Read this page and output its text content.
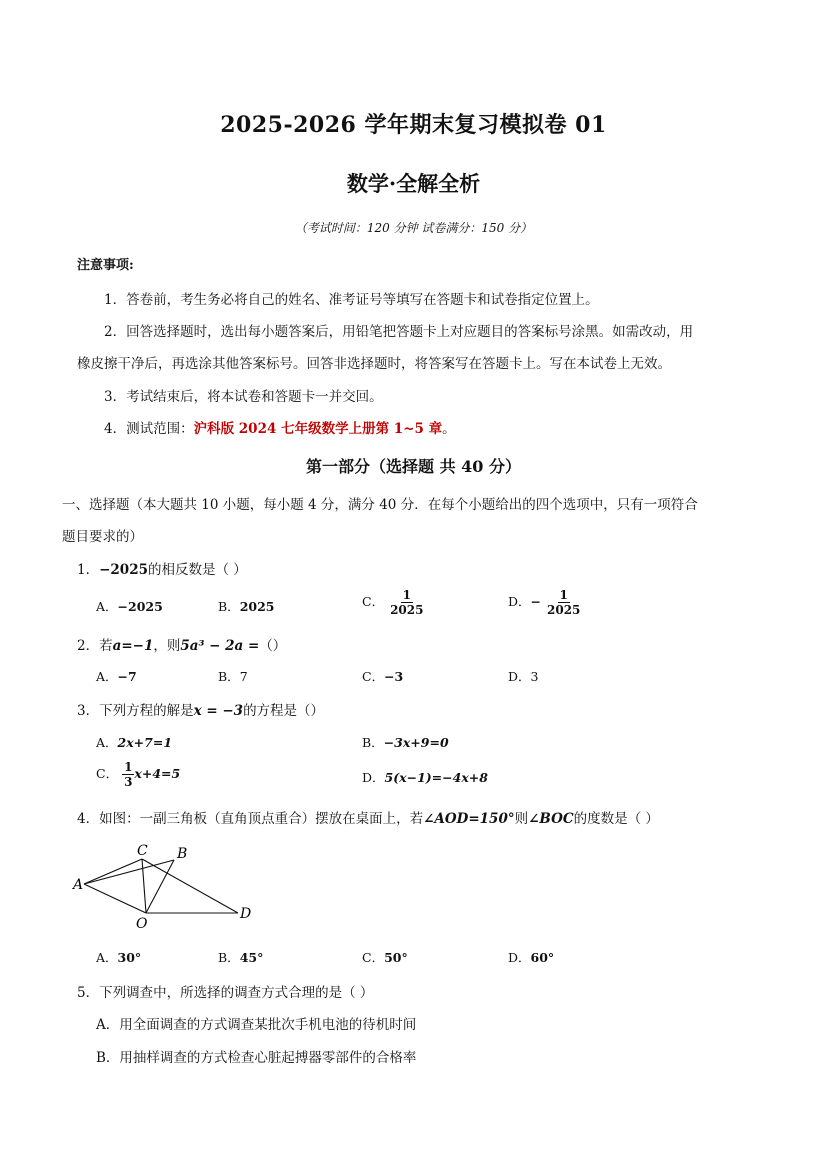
2025-2026 学年期末复习模拟卷 01
数学·全解全析
（考试时间：120 分钟 试卷满分：150 分）
注意事项:
1．答卷前，考生务必将自己的姓名、准考证号等填写在答题卡和试卷指定位置上。
2．回答选择题时，选出每小题答案后，用铅笔把答题卡上对应题目的答案标号涂黑。如需改动，用
橡皮擦干净后，再选涂其他答案标号。回答非选择题时，将答案写在答题卡上。写在本试卷上无效。
3．考试结束后，将本试卷和答题卡一并交回。
4．测试范围：沪科版 2024 七年级数学上册第 1~5 章。
第一部分（选择题 共 40 分）
一、选择题（本大题共 10 小题，每小题 4 分，满分 40 分．在每个小题给出的四个选项中，只有一项符合
题目要求的）
1．−2025的相反数是（ ）
A．−2025	B．2025	C． $\frac{1}{2025}$	D．− $\frac{1}{2025}$
2．若a=−1，则5a³ − 2a =（）
A．−7	B．7	C．−3	D．3
3．下列方程的解是x = −3的方程是（）
A．2x+7=1	B．−3x+9=0
C． $\frac{1}{3} x+4=5$	D．5(x−1)=−4x+8
4．如图：一副三角板（直角顶点重合）摆放在桌面上，若∠AOD=150°则∠BOC的度数是（ ）
A
B
C
O
D
A．30°	B．45°	C．50°	D．60°
5．下列调查中，所选择的调查方式合理的是（ ）
A．用全面调查的方式调查某批次手机电池的待机时间
B．用抽样调查的方式检查心脏起搏器零部件的合格率
